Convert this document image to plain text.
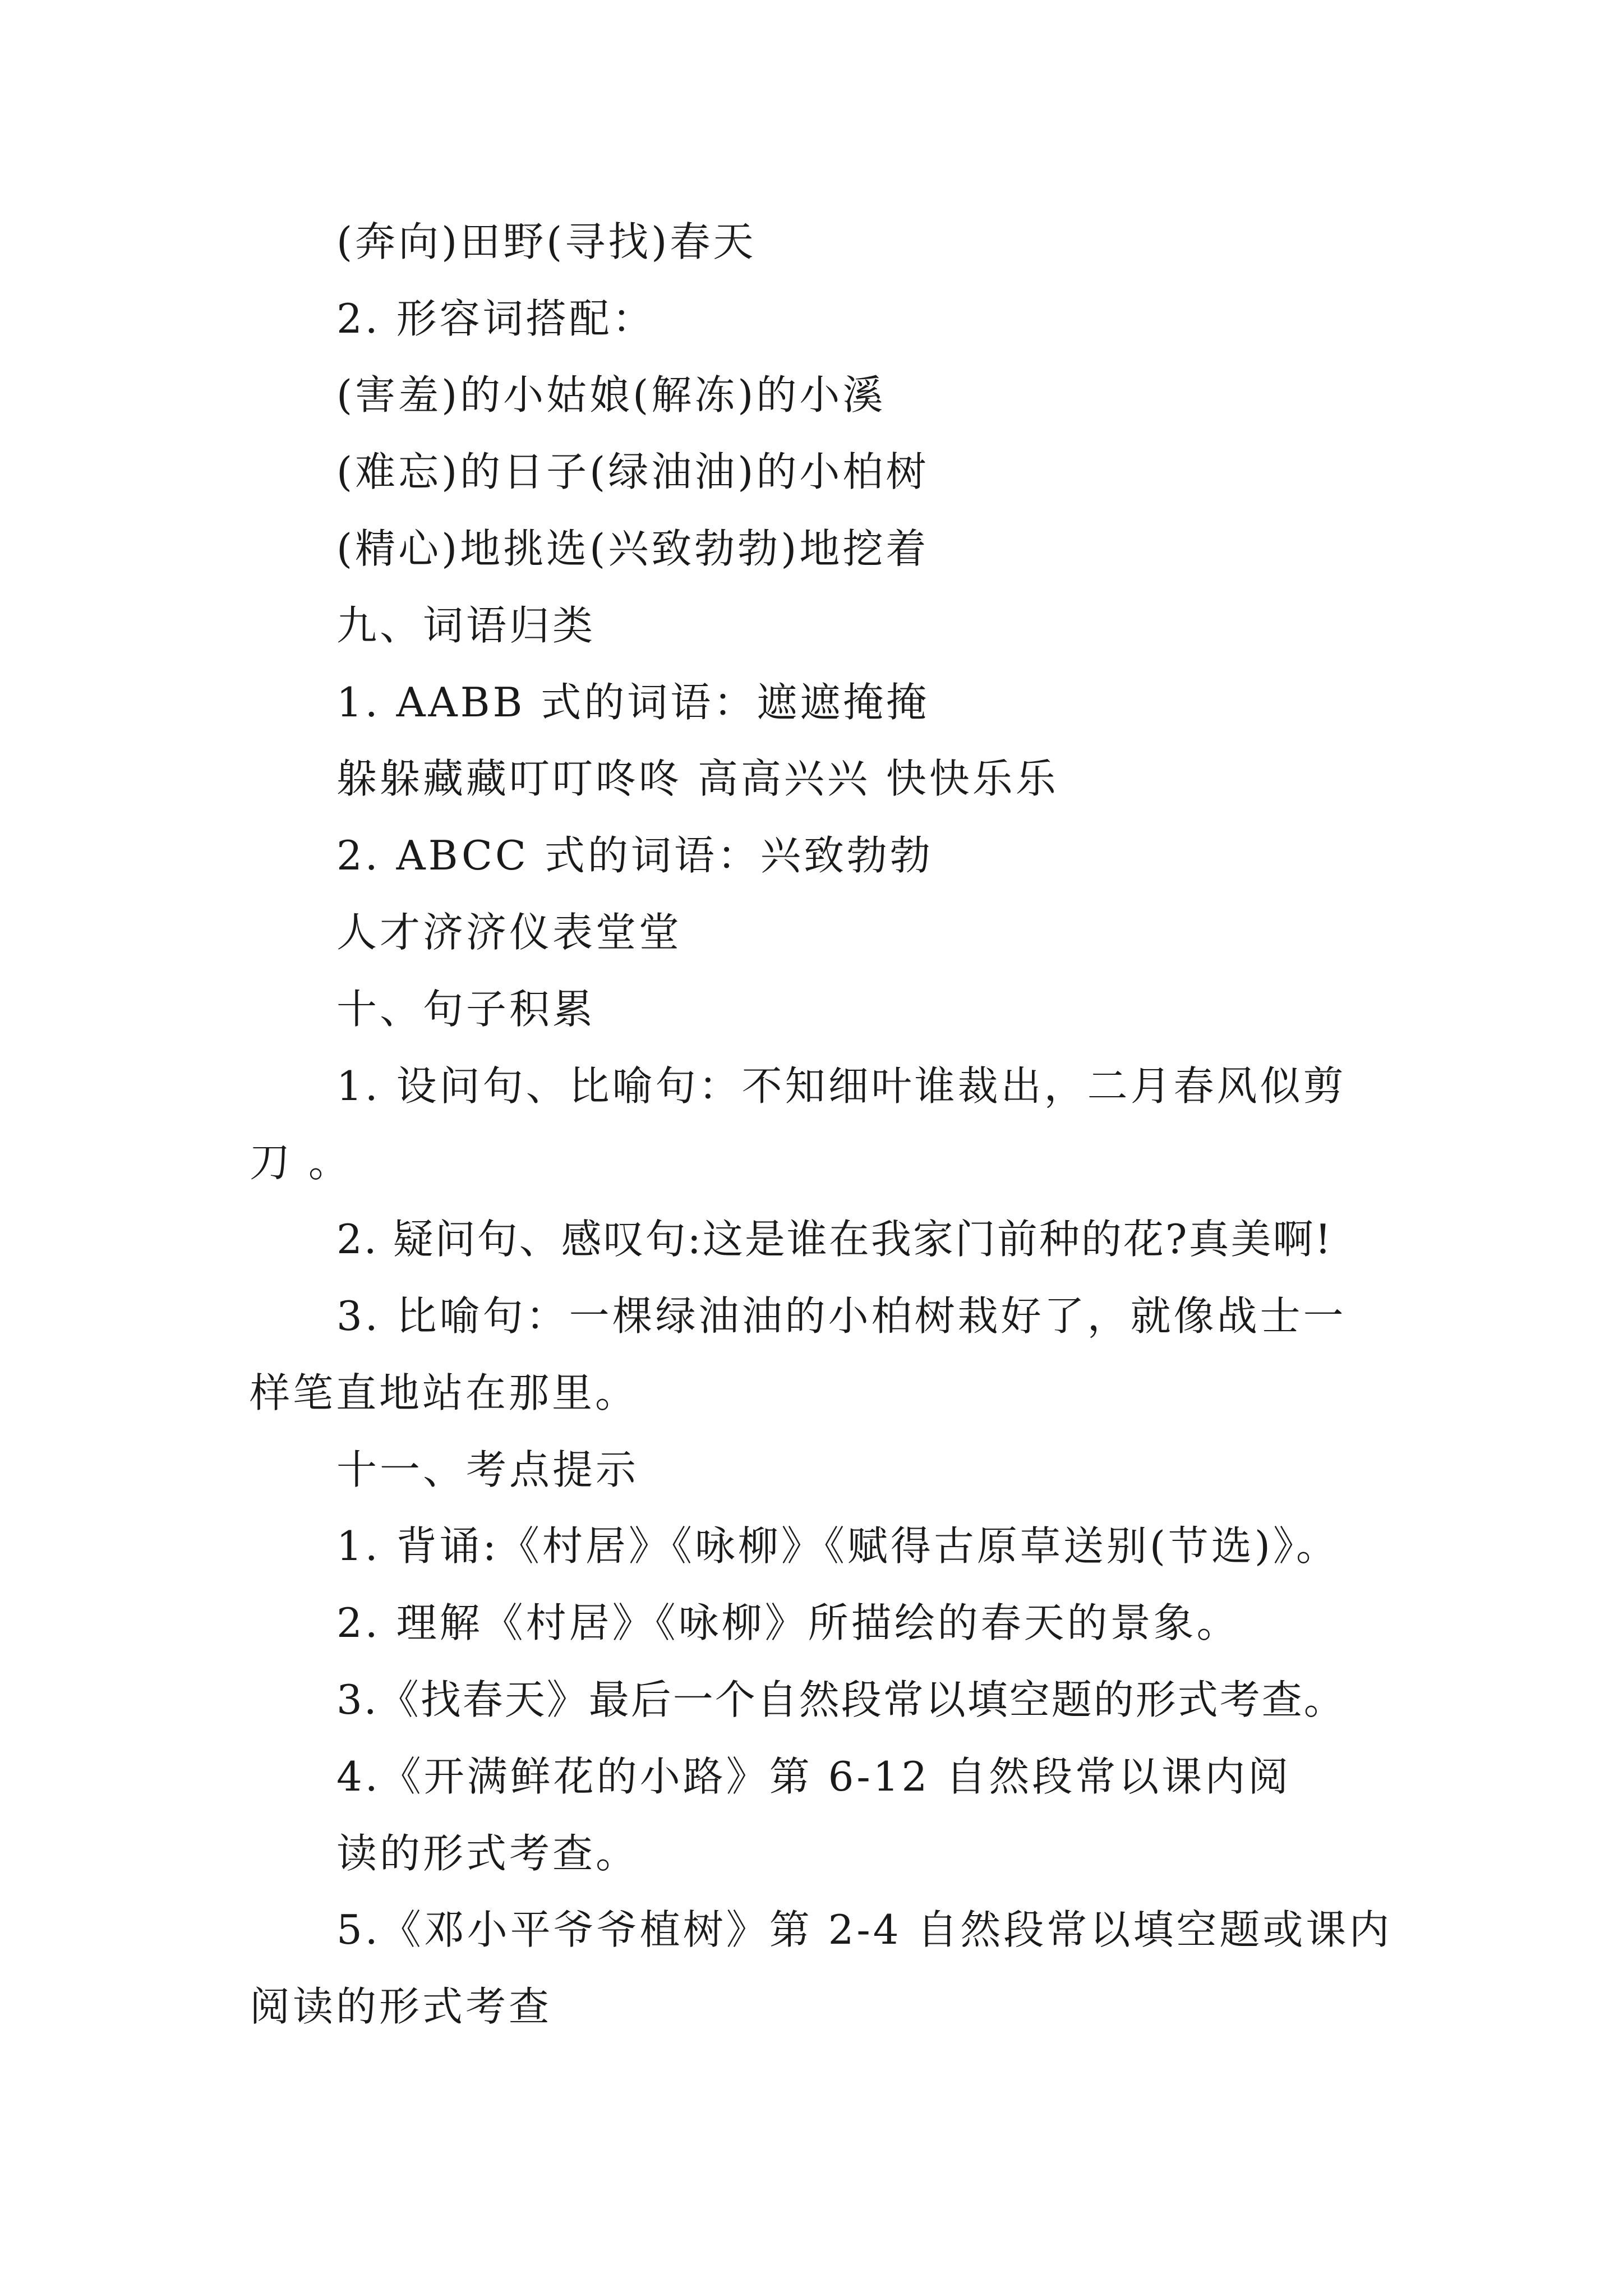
(奔向)田野(寻找)春天
2. 形容词搭配：
(害羞)的小姑娘(解冻)的小溪
(难忘)的日子(绿油油)的小柏树
(精心)地挑选(兴致勃勃)地挖着
九、词语归类
1. AABB 式的词语：遮遮掩掩
躲躲藏藏叮叮咚咚 高高兴兴 快快乐乐
2. ABCC 式的词语：兴致勃勃
人才济济仪表堂堂
十、句子积累
1. 设问句、比喻句：不知细叶谁裁出，二月春风似剪
刀 。
2. 疑问句、感叹句:这是谁在我家门前种的花?真美啊!
3. 比喻句：一棵绿油油的小柏树栽好了，就像战士一
样笔直地站在那里。
十一、考点提示
1. 背诵:《村居》《咏柳》《赋得古原草送别(节选)》。
2. 理解《村居》《咏柳》所描绘的春天的景象。
3.《找春天》最后一个自然段常以填空题的形式考查。
4.《开满鲜花的小路》第 6-12 自然段常以课内阅
读的形式考查。
5.《邓小平爷爷植树》第 2-4 自然段常以填空题或课内
阅读的形式考查
